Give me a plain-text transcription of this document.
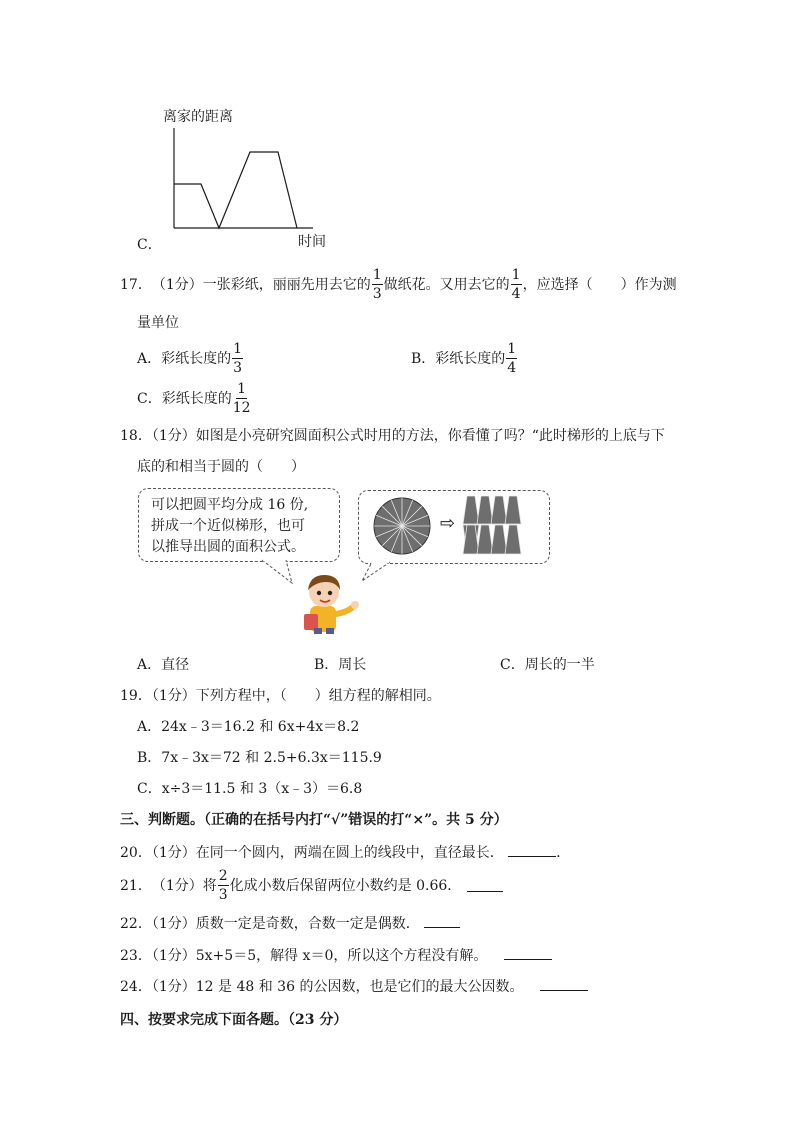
离家的距离
时间
C．
17． （1分） 一张彩纸，丽丽先用去它的 $\frac{1}{3}$ 做纸花。又用去它的 $\frac{1}{4}$ ，应选择（　　）作为测
量单位
A．彩纸长度的 $\frac{1}{3}$	B．彩纸长度的 $\frac{1}{4}$
C．彩纸长度的 $\frac{1}{12}$
18．（1分）如图是小亮研究圆面积公式时用的方法，你看懂了吗？“此时梯形的上底与下
底的和相当于圆的（　　）
可以把圆平均分成 16 份,
拼成一个近似梯形，也可
以推导出圆的面积公式。
⇨
A．直径	B．周长	C．周长的一半
19．（1分）下列方程中，（　　）组方程的解相同。
A．24x﹣3＝16.2 和 6x+4x＝8.2
B．7x﹣3x＝72 和 2.5+6.3x＝115.9
C．x÷3＝11.5 和 3（x﹣3）＝6.8
三、判断题。（正确的在括号内打“√”错误的打“×”。共 5 分）
20．（1分）在同一个圆内，两端在圆上的线段中，直径最长．	．
21． （1分） 将 $\frac{2}{3}$ 化成小数后保留两位小数约是 0.66．
22．（1分）质数一定是奇数，合数一定是偶数．
23．（1分）5x+5＝5，解得 x＝0，所以这个方程没有解。
24．（1分）12 是 48 和 36 的公因数，也是它们的最大公因数。
四、按要求完成下面各题。（23 分）
